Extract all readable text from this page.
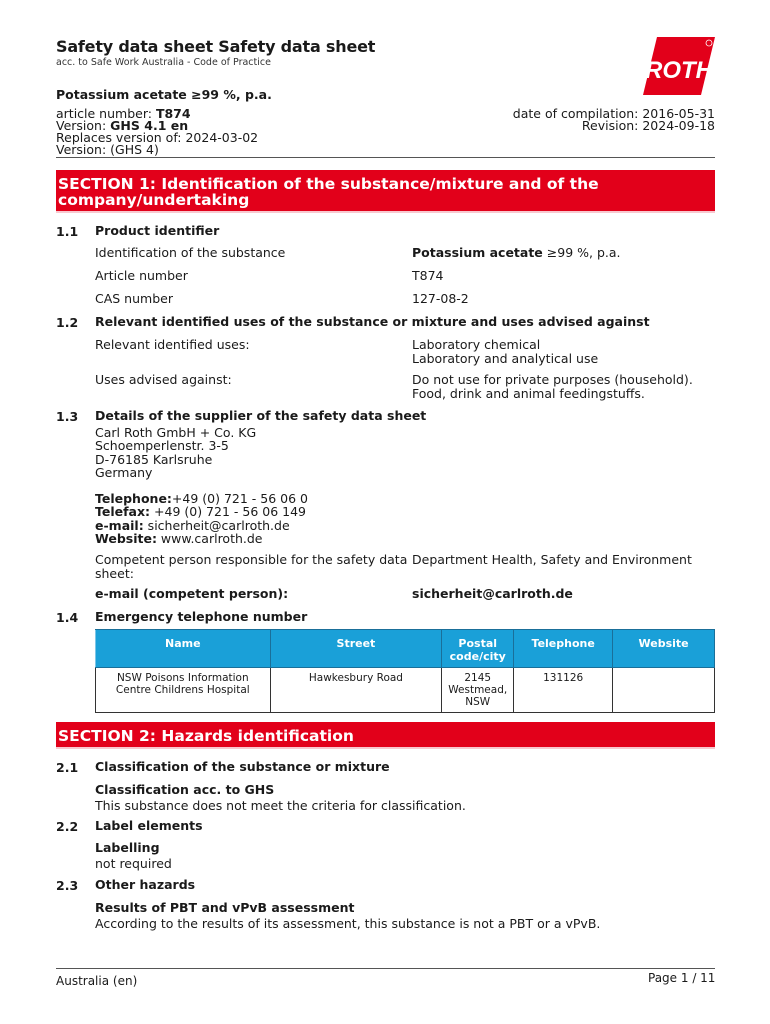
Safety data sheet Safety data sheet
acc. to Safe Work Australia - Code of Practice	ROTH
Potassium acetate ≥99 %, p.a.
article number: T874
Version: GHS 4.1 en
Replaces version of: 2024-03-02
Version: (GHS 4)
date of compilation: 2016-05-31
Revision: 2024-09-18
SECTION 1: Identification of the substance/mixture and of the
company/undertaking
1.1 Product identifier
Identification of the substance	Potassium acetate ≥99 %, p.a.
Article number	T874
CAS number	127-08-2
1.2 Relevant identified uses of the substance or mixture and uses advised against
Relevant identified uses:	Laboratory chemical
Laboratory and analytical use
Uses advised against:	Do not use for private purposes (household).
Food, drink and animal feedingstuffs.
1.3 Details of the supplier of the safety data sheet
Carl Roth GmbH + Co. KG
Schoemperlenstr. 3-5
D-76185 Karlsruhe
Germany
Telephone:+49 (0) 721 - 56 06 0
Telefax: +49 (0) 721 - 56 06 149
e-mail: sicherheit@carlroth.de
Website: www.carlroth.de
Competent person responsible for the safety data
sheet:
Department Health, Safety and Environment
e-mail (competent person):	sicherheit@carlroth.de
1.4 Emergency telephone number
Name	Street	Postal code/city	Telephone	Website
NSW Poisons Information Centre Childrens Hospital	Hawkesbury Road	2145 Westmead, NSW	131126	
SECTION 2: Hazards identification
2.1 Classification of the substance or mixture
Classification acc. to GHS
This substance does not meet the criteria for classification.
2.2 Label elements
Labelling
not required
2.3 Other hazards
Results of PBT and vPvB assessment
According to the results of its assessment, this substance is not a PBT or a vPvB.
Australia (en)	Page 1 / 11
